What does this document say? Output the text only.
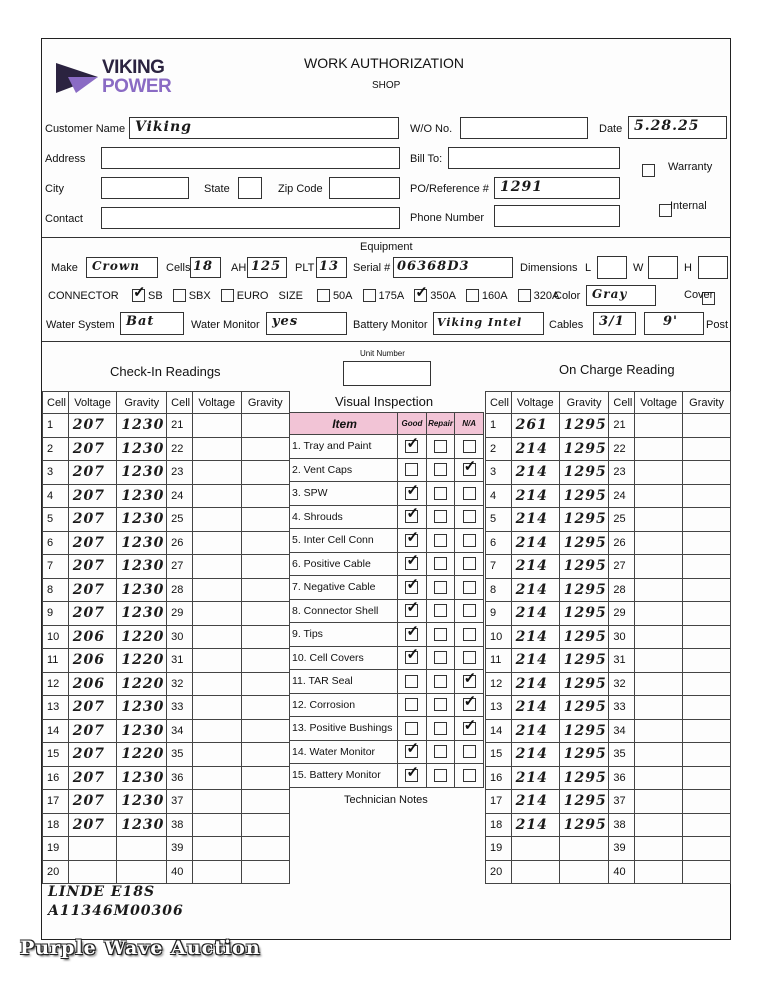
VIKING
POWER
WORK AUTHORIZATION
SHOP
Customer Name Viking
Address
City	State	Zip Code
Contact
W/O No.	Date 5.28.25
Bill To:

Warranty
PO/Reference # 1291

Internal
Phone Number
Equipment
Make Crown Cells 18 AH 125 PLT 13 Serial # 06368D3	Dimensions L	W	H
CONNECTOR ✓	SB SBX EURO SIZE	50A 175A ✓ 350A 160A 320A
Color Gray	Cover
Water System Bat	Water Monitor yes	Battery Monitor Viking Intel Cables 3/1	9'	Post
Check-In Readings
Unit Number
On Charge Reading
Visual Inspection
Cell	Voltage	Gravity	Cell	Voltage	Gravity
1	207	1230	21		
2	207	1230	22		
3	207	1230	23		
4	207	1230	24		
5	207	1230	25		
6	207	1230	26		
7	207	1230	27		
8	207	1230	28		
9	207	1230	29		
10	206	1220	30		
11	206	1220	31		
12	206	1220	32		
13	207	1230	33		
14	207	1230	34		
15	207	1220	35		
16	207	1230	36		
17	207	1230	37		
18	207	1230	38		
19			39		
20			40		
Item	Good	Repair	N/A
1. Tray and Paint	✓		
2. Vent Caps			✓
3. SPW	✓		
4. Shrouds	✓		
5. Inter Cell Conn	✓		
6. Positive Cable	✓		
7. Negative Cable	✓		
8. Connector Shell	✓		
9. Tips	✓		
10. Cell Covers	✓		
11. TAR Seal			✓
12. Corrosion			✓
13. Positive Bushings			✓
14. Water Monitor	✓		
15. Battery Monitor	✓		
Technician Notes
Cell	Voltage	Gravity	Cell	Voltage	Gravity
1	261	1295	21		
2	214	1295	22		
3	214	1295	23		
4	214	1295	24		
5	214	1295	25		
6	214	1295	26		
7	214	1295	27		
8	214	1295	28		
9	214	1295	29		
10	214	1295	30		
11	214	1295	31		
12	214	1295	32		
13	214	1295	33		
14	214	1295	34		
15	214	1295	35		
16	214	1295	36		
17	214	1295	37		
18	214	1295	38		
19			39		
20			40		
LINDE E18S
A11346M00306
Purple Wave Auction
